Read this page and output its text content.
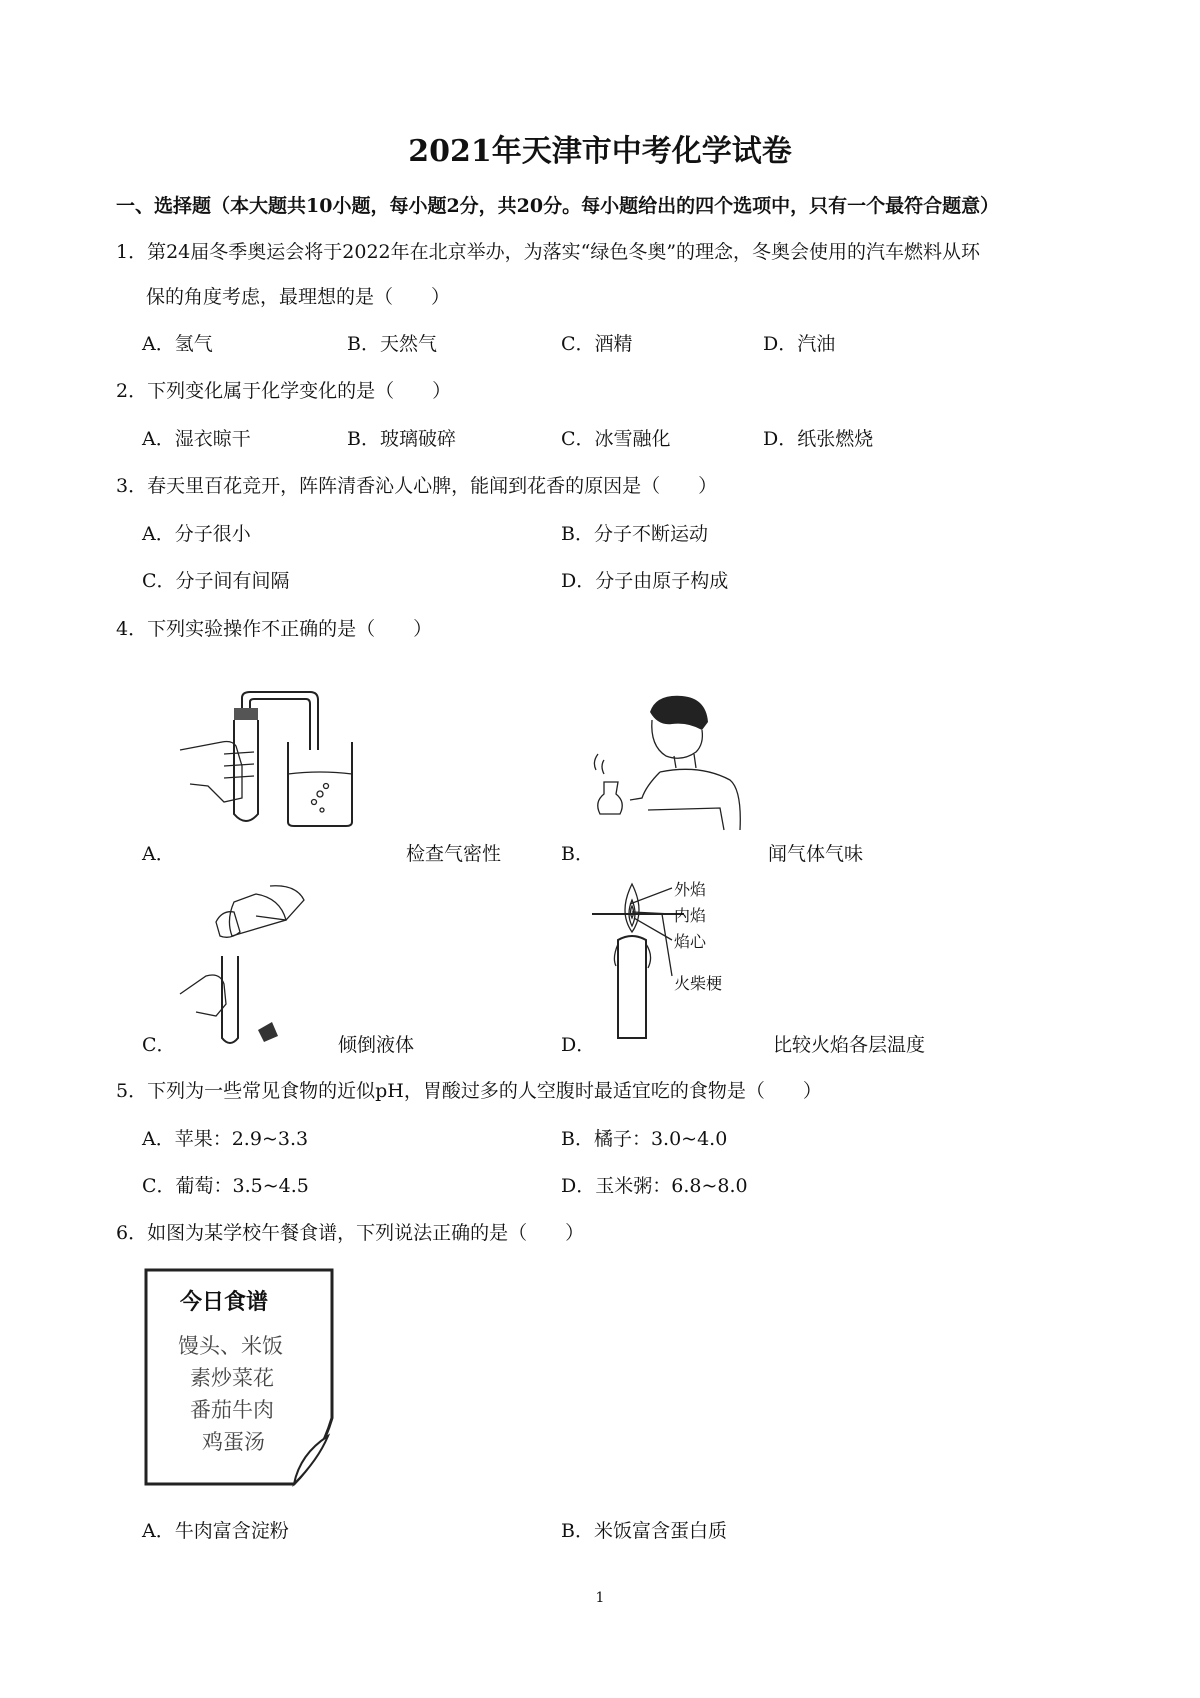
2021年天津市中考化学试卷
一、选择题（本大题共10小题，每小题2分，共20分。每小题给出的四个选项中，只有一个最符合题意）
1．第24届冬季奥运会将于2022年在北京举办，为落实“绿色冬奥”的理念，冬奥会使用的汽车燃料从环
保的角度考虑，最理想的是（　　）
A．氢气	B．天然气	C．酒精	D．汽油
2．下列变化属于化学变化的是（　　）
A．湿衣晾干	B．玻璃破碎	C．冰雪融化	D．纸张燃烧
3．春天里百花竞开，阵阵清香沁人心脾，能闻到花香的原因是（　　）
A．分子很小	B．分子不断运动
C．分子间有间隔	D．分子由原子构成
4．下列实验操作不正确的是（　　）
A．	检查气密性	B．	闻气体气味
C．	倾倒液体
外焰
内焰
焰心
火柴梗
D．	比较火焰各层温度
5．下列为一些常见食物的近似pH，胃酸过多的人空腹时最适宜吃的食物是（　　）
A．苹果：2.9~3.3	B．橘子：3.0~4.0
C．葡萄：3.5~4.5	D．玉米粥：6.8~8.0
6．如图为某学校午餐食谱，下列说法正确的是（　　）
今日食谱
馒头、米饭
素炒菜花
番茄牛肉
鸡蛋汤
A．牛肉富含淀粉	B．米饭富含蛋白质
1
